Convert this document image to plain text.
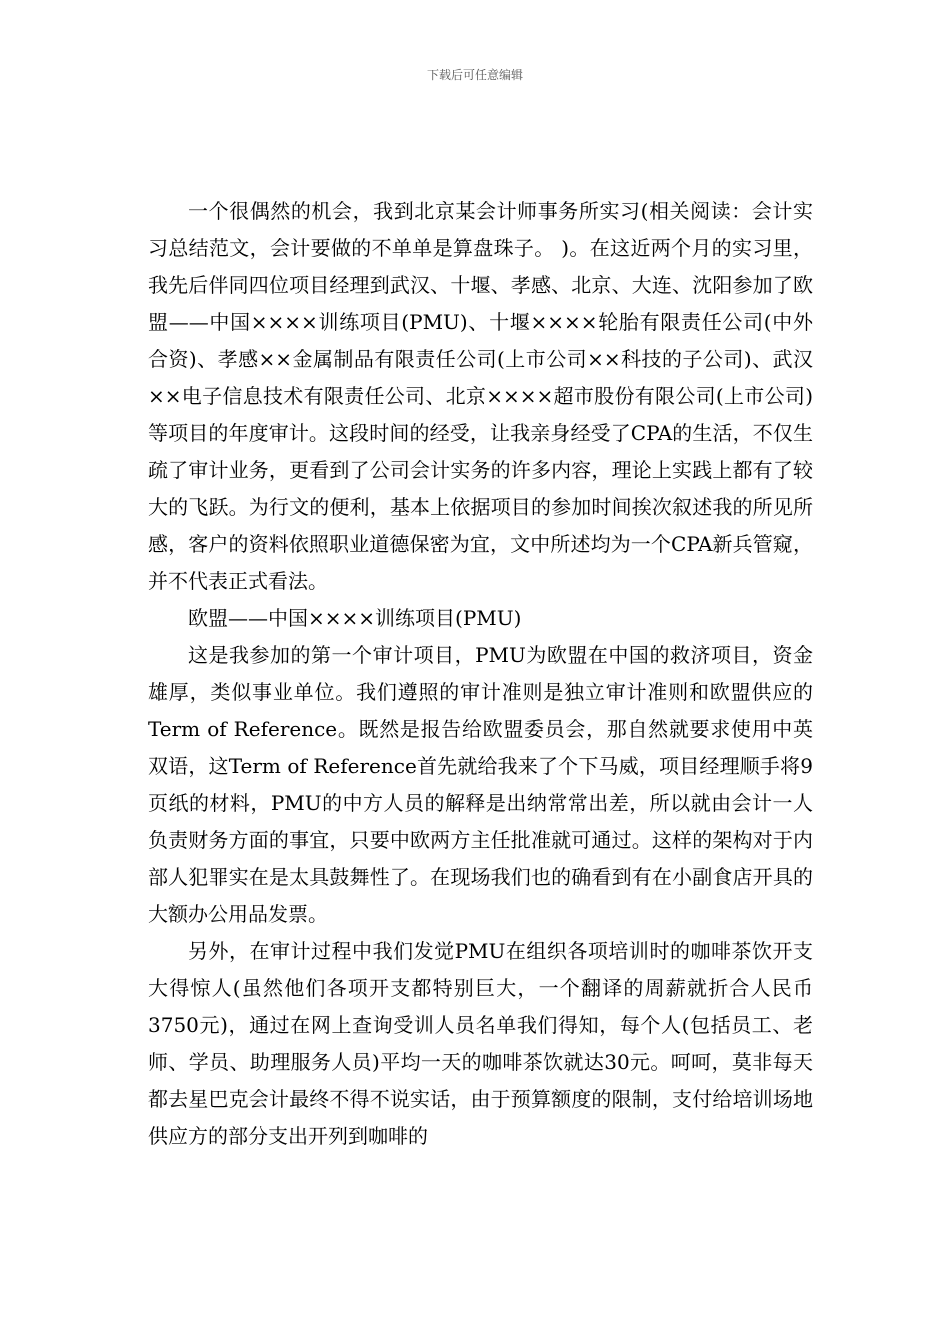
下载后可任意编辑

一个很偶然的机会，我到北京某会计师事务所实习(相关阅读：会计实习总结范文，会计要做的不单单是算盘珠子。 )。在这近两个月的实习里，我先后伴同四位项目经理到武汉、十堰、孝感、北京、大连、沈阳参加了欧盟——中国××××训练项目(PMU)、十堰××××轮胎有限责任公司(中外合资)、孝感××金属制品有限责任公司(上市公司××科技的子公司)、武汉××电子信息技术有限责任公司、北京××××超市股份有限公司(上市公司)等项目的年度审计。这段时间的经受，让我亲身经受了CPA的生活，不仅生疏了审计业务，更看到了公司会计实务的许多内容，理论上实践上都有了较大的飞跃。为行文的便利，基本上依据项目的参加时间挨次叙述我的所见所感，客户的资料依照职业道德保密为宜，文中所述均为一个CPA新兵管窥，并不代表正式看法。

欧盟——中国××××训练项目(PMU)

这是我参加的第一个审计项目，PMU为欧盟在中国的救济项目，资金雄厚，类似事业单位。我们遵照的审计准则是独立审计准则和欧盟供应的Term of Reference。既然是报告给欧盟委员会，那自然就要求使用中英双语，这Term of Reference首先就给我来了个下马威，项目经理顺手将9页纸的材料，PMU的中方人员的解释是出纳常常出差，所以就由会计一人负责财务方面的事宜，只要中欧两方主任批准就可通过。这样的架构对于内部人犯罪实在是太具鼓舞性了。在现场我们也的确看到有在小副食店开具的大额办公用品发票。

另外，在审计过程中我们发觉PMU在组织各项培训时的咖啡茶饮开支大得惊人(虽然他们各项开支都特别巨大，一个翻译的周薪就折合人民币3750元)，通过在网上查询受训人员名单我们得知，每个人(包括员工、老师、学员、助理服务人员)平均一天的咖啡茶饮就达30元。呵呵，莫非每天都去星巴克会计最终不得不说实话，由于预算额度的限制，支付给培训场地供应方的部分支出开列到咖啡的
